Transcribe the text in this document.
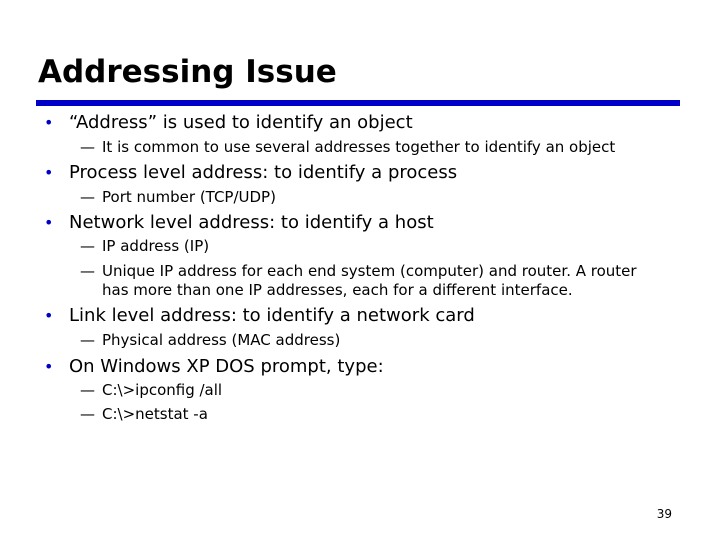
Addressing Issue
• “Address” is used to identify an object
— It is common to use several addresses together to identify an object
• Process level address: to identify a process
— Port number (TCP/UDP)
• Network level address: to identify a host
— IP address (IP)
— Unique IP address for each end system (computer) and router. A router
has more than one IP addresses, each for a different interface.
• Link level address: to identify a network card
— Physical address (MAC address)
• On Windows XP DOS prompt, type:
— C:\>ipconfig /all
— C:\>netstat -a
39
